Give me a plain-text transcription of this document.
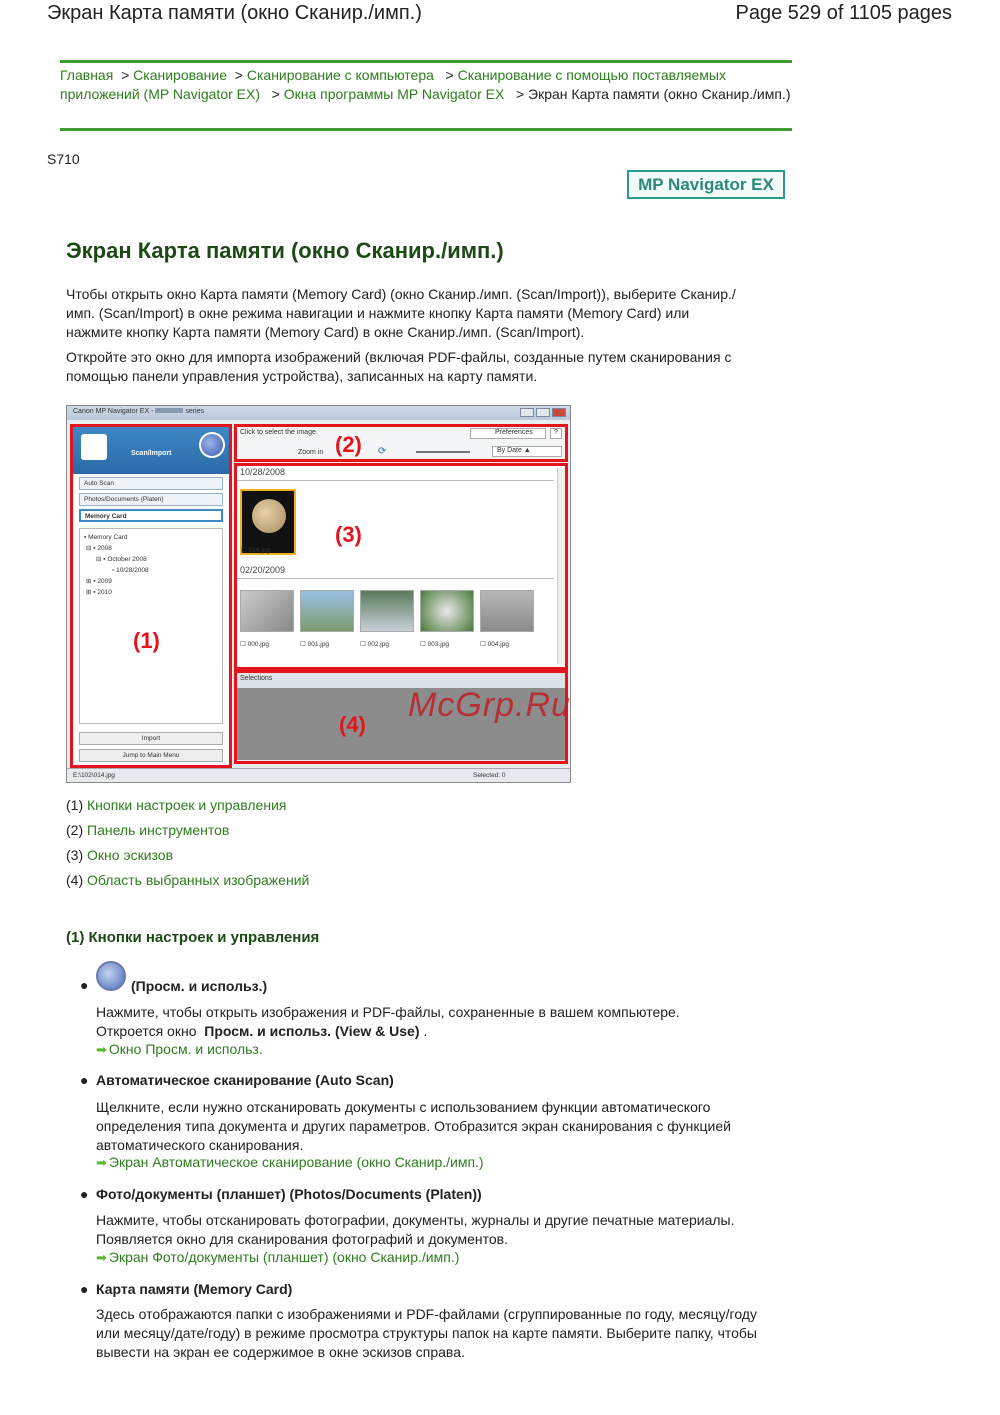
Экран Карта памяти (окно Сканир./имп.)	Page 529 of 1105 pages
Главная  > Сканирование  > Сканирование с компьютера   > Сканирование с помощью поставляемых приложений (MP Navigator EX)   > Окна программы MP Navigator EX   > Экран Карта памяти (окно Сканир./имп.)
S710
MP Navigator EX
Экран Карта памяти (окно Сканир./имп.)
Чтобы открыть окно Карта памяти (Memory Card) (окно Сканир./имп. (Scan/Import)), выберите Сканир./имп. (Scan/Import) в окне режима навигации и нажмите кнопку Карта памяти (Memory Card) или нажмите кнопку Карта памяти (Memory Card) в окне Сканир./имп. (Scan/Import).
Откройте это окно для импорта изображений (включая PDF-файлы, созданные путем сканирования с помощью панели управления устройства), записанных на карту памяти.
Canon MP Navigator EX -	series
Scan/Import
Auto Scan
Photos/Documents (Platen)
Memory Card
▪ Memory Card
⊟ ▪ 2008
⊟ ▪ October 2008
▫ 10/28/2008
⊞ ▪ 2009
⊞ ▪ 2010
Import
Jump to Main Menu
Click to select the image.	Preferences	?
Zoom in	⟳	By Date ▲
10/28/2008
☐ 014.jpg
02/20/2009
☐ 000.jpg	☐ 001.jpg	☐ 002.jpg	☐ 003.jpg	☐ 004.jpg
Selections
E:\102\014.jpg	Selected: 0
(1)
(2)
(3)
(4)
McGrp.Ru
(1) Кнопки настроек и управления
(2) Панель инструментов
(3) Окно эскизов
(4) Область выбранных изображений
(1) Кнопки настроек и управления
●	(Просм. и использ.)
Нажмите, чтобы открыть изображения и PDF-файлы, сохраненные в вашем компьютере.
Откроется окно Просм. и использ. (View & Use) .
➡ Окно Просм. и использ.
● Автоматическое сканирование (Auto Scan)
Щелкните, если нужно отсканировать документы с использованием функции автоматического определения типа документа и других параметров. Отобразится экран сканирования с функцией автоматического сканирования.
➡ Экран Автоматическое сканирование (окно Сканир./имп.)
● Фото/документы (планшет) (Photos/Documents (Platen))
Нажмите, чтобы отсканировать фотографии, документы, журналы и другие печатные материалы. Появляется окно для сканирования фотографий и документов.
➡ Экран Фото/документы (планшет) (окно Сканир./имп.)
● Карта памяти (Memory Card)
Здесь отображаются папки с изображениями и PDF-файлами (сгруппированные по году, месяцу/году или месяцу/дате/году) в режиме просмотра структуры папок на карте памяти. Выберите папку, чтобы вывести на экран ее содержимое в окне эскизов справа.
